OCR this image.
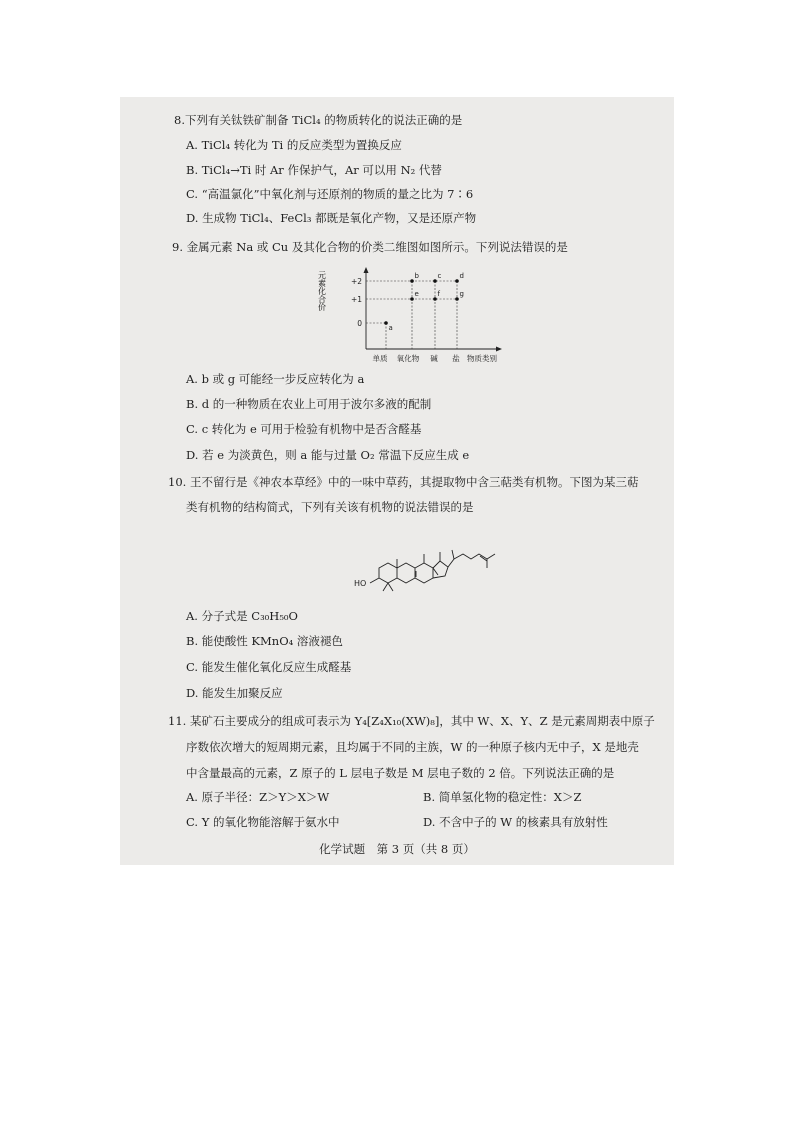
8.下列有关钛铁矿制备 TiCl₄ 的物质转化的说法正确的是
A. TiCl₄ 转化为 Ti 的反应类型为置换反应
B. TiCl₄→Ti 时 Ar 作保护气，Ar 可以用 N₂ 代替
C. “高温氯化”中氧化剂与还原剂的物质的量之比为 7∶6
D. 生成物 TiCl₄、FeCl₃ 都既是氧化产物，又是还原产物
9. 金属元素 Na 或 Cu 及其化合物的价类二维图如图所示。下列说法错误的是
元素化合价	+2
+1
0
单质 氧化物 碱 盐 物质类别
a
b	c	d
e	f	g
A. b 或 g 可能经一步反应转化为 a
B. d 的一种物质在农业上可用于波尔多液的配制
C. c 转化为 e 可用于检验有机物中是否含醛基
D. 若 e 为淡黄色，则 a 能与过量 O₂ 常温下反应生成 e
10. 王不留行是《神农本草经》中的一味中草药，其提取物中含三萜类有机物。下图为某三萜
类有机物的结构简式，下列有关该有机物的说法错误的是
HO
A. 分子式是 C₃₀H₅₀O
B. 能使酸性 KMnO₄ 溶液褪色
C. 能发生催化氧化反应生成醛基
D. 能发生加聚反应
11. 某矿石主要成分的组成可表示为 Y₄[Z₄X₁₀(XW)₈]，其中 W、X、Y、Z 是元素周期表中原子
序数依次增大的短周期元素，且均属于不同的主族，W 的一种原子核内无中子，X 是地壳
中含量最高的元素，Z 原子的 L 层电子数是 M 层电子数的 2 倍。下列说法正确的是
A. 原子半径：Z＞Y＞X＞W	B. 简单氢化物的稳定性：X＞Z
C. Y 的氧化物能溶解于氨水中	D. 不含中子的 W 的核素具有放射性
化学试题　第 3 页（共 8 页）
